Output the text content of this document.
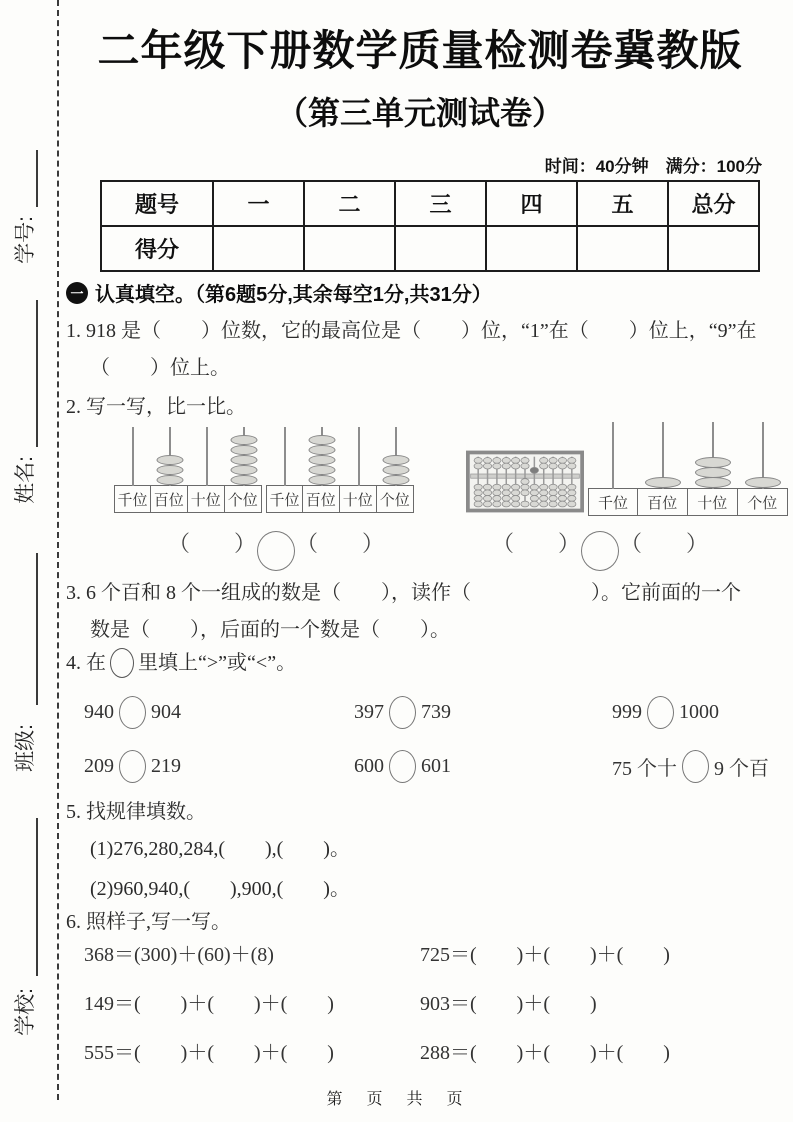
学号:
姓名:
班级:
学校:
二年级下册数学质量检测卷冀教版
（第三单元测试卷）
时间：40分钟　满分：100分
题号	一	二	三	四	五	总分
得分						
一 认真填空。（第6题5分,其余每空1分,共31分）
1. 918 是（　　）位数，它的最高位是（　　）位，“1”在（　　）位上，“9”在
（　　）位上。
2. 写一写，比一比。
千位 百位 十位 个位 千位 百位 十位 个位	千位	百位	十位	个位
（　　） （　　）	（　　） （　　）
3. 6 个百和 8 个一组成的数是（　　），读作（　　　　　　）。它前面的一个
数是（　　），后面的一个数是（　　）。
4. 在 里填上“>”或“<”。
940 904	397 739	999 1000
209 219	600 601	75 个十 9 个百
5. 找规律填数。
(1)276,280,284,(　　),(　　)。
(2)960,940,(　　),900,(　　)。
6. 照样子,写一写。
368＝(300)＋(60)＋(8)	725＝(　　)＋(　　)＋(　　)
149＝(　　)＋(　　)＋(　　)	903＝(　　)＋(　　)
555＝(　　)＋(　　)＋(　　)	288＝(　　)＋(　　)＋(　　)
第　页　共　页
